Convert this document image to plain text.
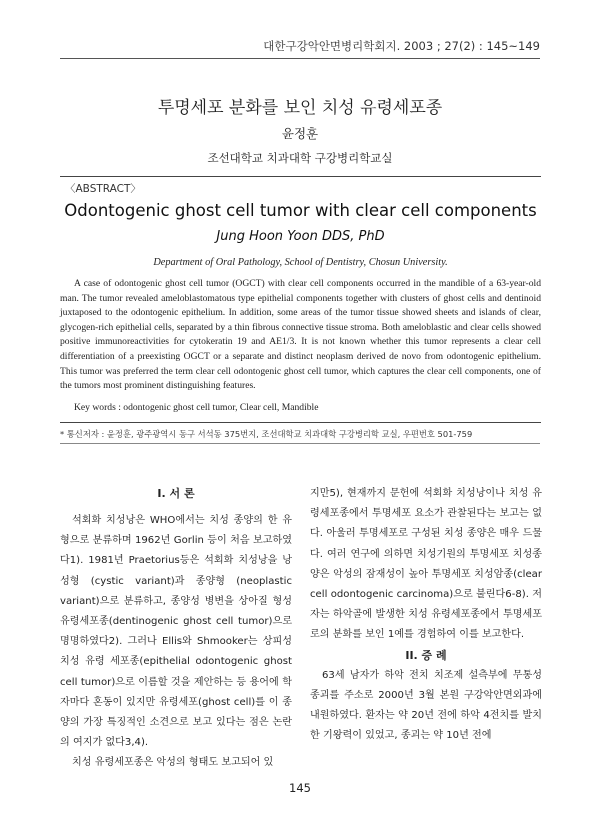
대한구강악안면병리학회지. 2003 ; 27(2) : 145~149
투명세포 분화를 보인 치성 유령세포종
윤정훈
조선대학교 치과대학 구강병리학교실
〈ABSTRACT〉
Odontogenic ghost cell tumor with clear cell components
Jung Hoon Yoon DDS, PhD
Department of Oral Pathology, School of Dentistry, Chosun University.

A case of odontogenic ghost cell tumor (OGCT) with clear cell components occurred in the mandible of a 63-year-old man. The tumor revealed ameloblastomatous type epithelial components together with clusters of ghost cells and dentinoid juxtaposed to the odontogenic epithelium. In addition, some areas of the tumor tissue showed sheets and islands of clear, glycogen-rich epithelial cells, separated by a thin fibrous connective tissue stroma. Both ameloblastic and clear cells showed positive immunoreactivities for cytokeratin 19 and AE1/3. It is not known whether this tumor represents a clear cell differentiation of a preexisting OGCT or a separate and distinct neoplasm derived de novo from odontogenic epithelium. This tumor was preferred the term clear cell odontogenic ghost cell tumor, which captures the clear cell components, one of the tumors most prominent distinguishing features.

Key words : odontogenic ghost cell tumor, Clear cell, Mandible
* 통신저자 : 윤정훈, 광주광역시 동구 서석동 375번지, 조선대학교 치과대학 구강병리학 교실, 우편번호 501-759
I. 서 론

석회화 치성낭은 WHO에서는 치성 종양의 한 유형으로 분류하며 1962년 Gorlin 등이 처음 보고하였다1). 1981년 Praetorius등은 석회화 치성낭을 낭성형 (cystic variant)과 종양형 (neoplastic variant)으로 분류하고, 종양성 병변을 상아질 형성 유령세포종(dentinogenic ghost cell tumor)으로 명명하였다2). 그러나 Ellis와 Shmooker는 상피성 치성 유령 세포종(epithelial odontogenic ghost cell tumor)으로 이름할 것을 제안하는 등 용어에 학자마다 혼동이 있지만 유령세포(ghost cell)를 이 종양의 가장 특징적인 소견으로 보고 있다는 점은 논란의 여지가 없다3,4).

치성 유령세포종은 악성의 형태도 보고되어 있

지만5), 현재까지 문헌에 석회화 치성낭이나 치성 유령세포종에서 투명세포 요소가 관찰된다는 보고는 없다. 아울러 투명세포로 구성된 치성 종양은 매우 드물다. 여러 연구에 의하면 치성기원의 투명세포 치성종양은 악성의 잠재성이 높아 투명세포 치성암종(clear cell odontogenic carcinoma)으로 불린다6-8). 저자는 하악골에 발생한 치성 유령세포종에서 투명세포로의 분화를 보인 1예를 경험하여 이를 보고한다.

II. 증 례

63세 남자가 하악 전치 치조제 설측부에 무통성 종괴를 주소로 2000년 3월 본원 구강악안면외과에 내원하였다. 환자는 약 20년 전에 하악 4전치를 발치한 기왕력이 있었고, 종괴는 약 10년 전에

145
